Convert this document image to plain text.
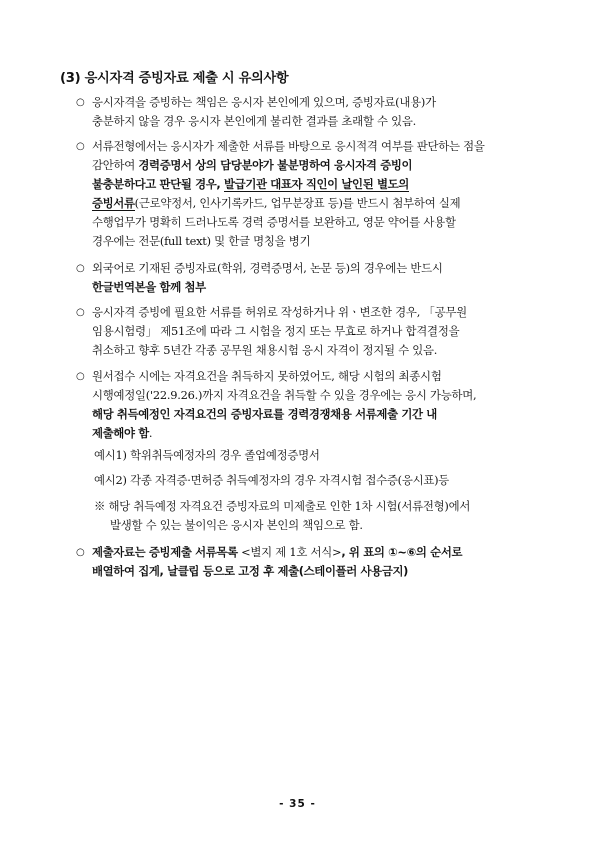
(3) 응시자격 증빙자료 제출 시 유의사항
○ 응시자격을 증빙하는 책임은 응시자 본인에게 있으며, 증빙자료(내용)가
충분하지 않을 경우 응시자 본인에게 불리한 결과를 초래할 수 있음.
○ 서류전형에서는 응시자가 제출한 서류를 바탕으로 응시적격 여부를 판단하는 점을
감안하여 경력증명서 상의 담당분야가 불분명하여 응시자격 증빙이
불충분하다고 판단될 경우, 발급기관 대표자 직인이 날인된 별도의
증빙서류(근로약정서, 인사기록카드, 업무분장표 등)를 반드시 첨부하여 실제
수행업무가 명확히 드러나도록 경력 증명서를 보완하고, 영문 약어를 사용할
경우에는 전문(full text) 및 한글 명칭을 병기
○ 외국어로 기재된 증빙자료(학위, 경력증명서, 논문 등)의 경우에는 반드시
한글번역본을 함께 첨부
○ 응시자격 증빙에 필요한 서류를 허위로 작성하거나 위ㆍ변조한 경우, 「공무원
임용시험령」 제51조에 따라 그 시험을 정지 또는 무효로 하거나 합격결정을
취소하고 향후 5년간 각종 공무원 채용시험 응시 자격이 정지될 수 있음.
○ 원서접수 시에는 자격요건을 취득하지 못하였어도, 해당 시험의 최종시험
시행예정일('22.9.26.)까지 자격요건을 취득할 수 있을 경우에는 응시 가능하며,
해당 취득예정인 자격요건의 증빙자료를 경력경쟁채용 서류제출 기간 내
제출해야 함.
예시1) 학위취득예정자의 경우 졸업예정증명서
예시2) 각종 자격증·면허증 취득예정자의 경우 자격시험 접수증(응시표)등
※ 해당 취득예정 자격요건 증빙자료의 미제출로 인한 1차 시험(서류전형)에서
발생할 수 있는 불이익은 응시자 본인의 책임으로 함.
○ 제출자료는 증빙제출 서류목록 <별지 제 1호 서식>, 위 표의 ①~⑥의 순서로
배열하여 집게, 날클립 등으로 고정 후 제출(스테이플러 사용금지)
- 35 -
